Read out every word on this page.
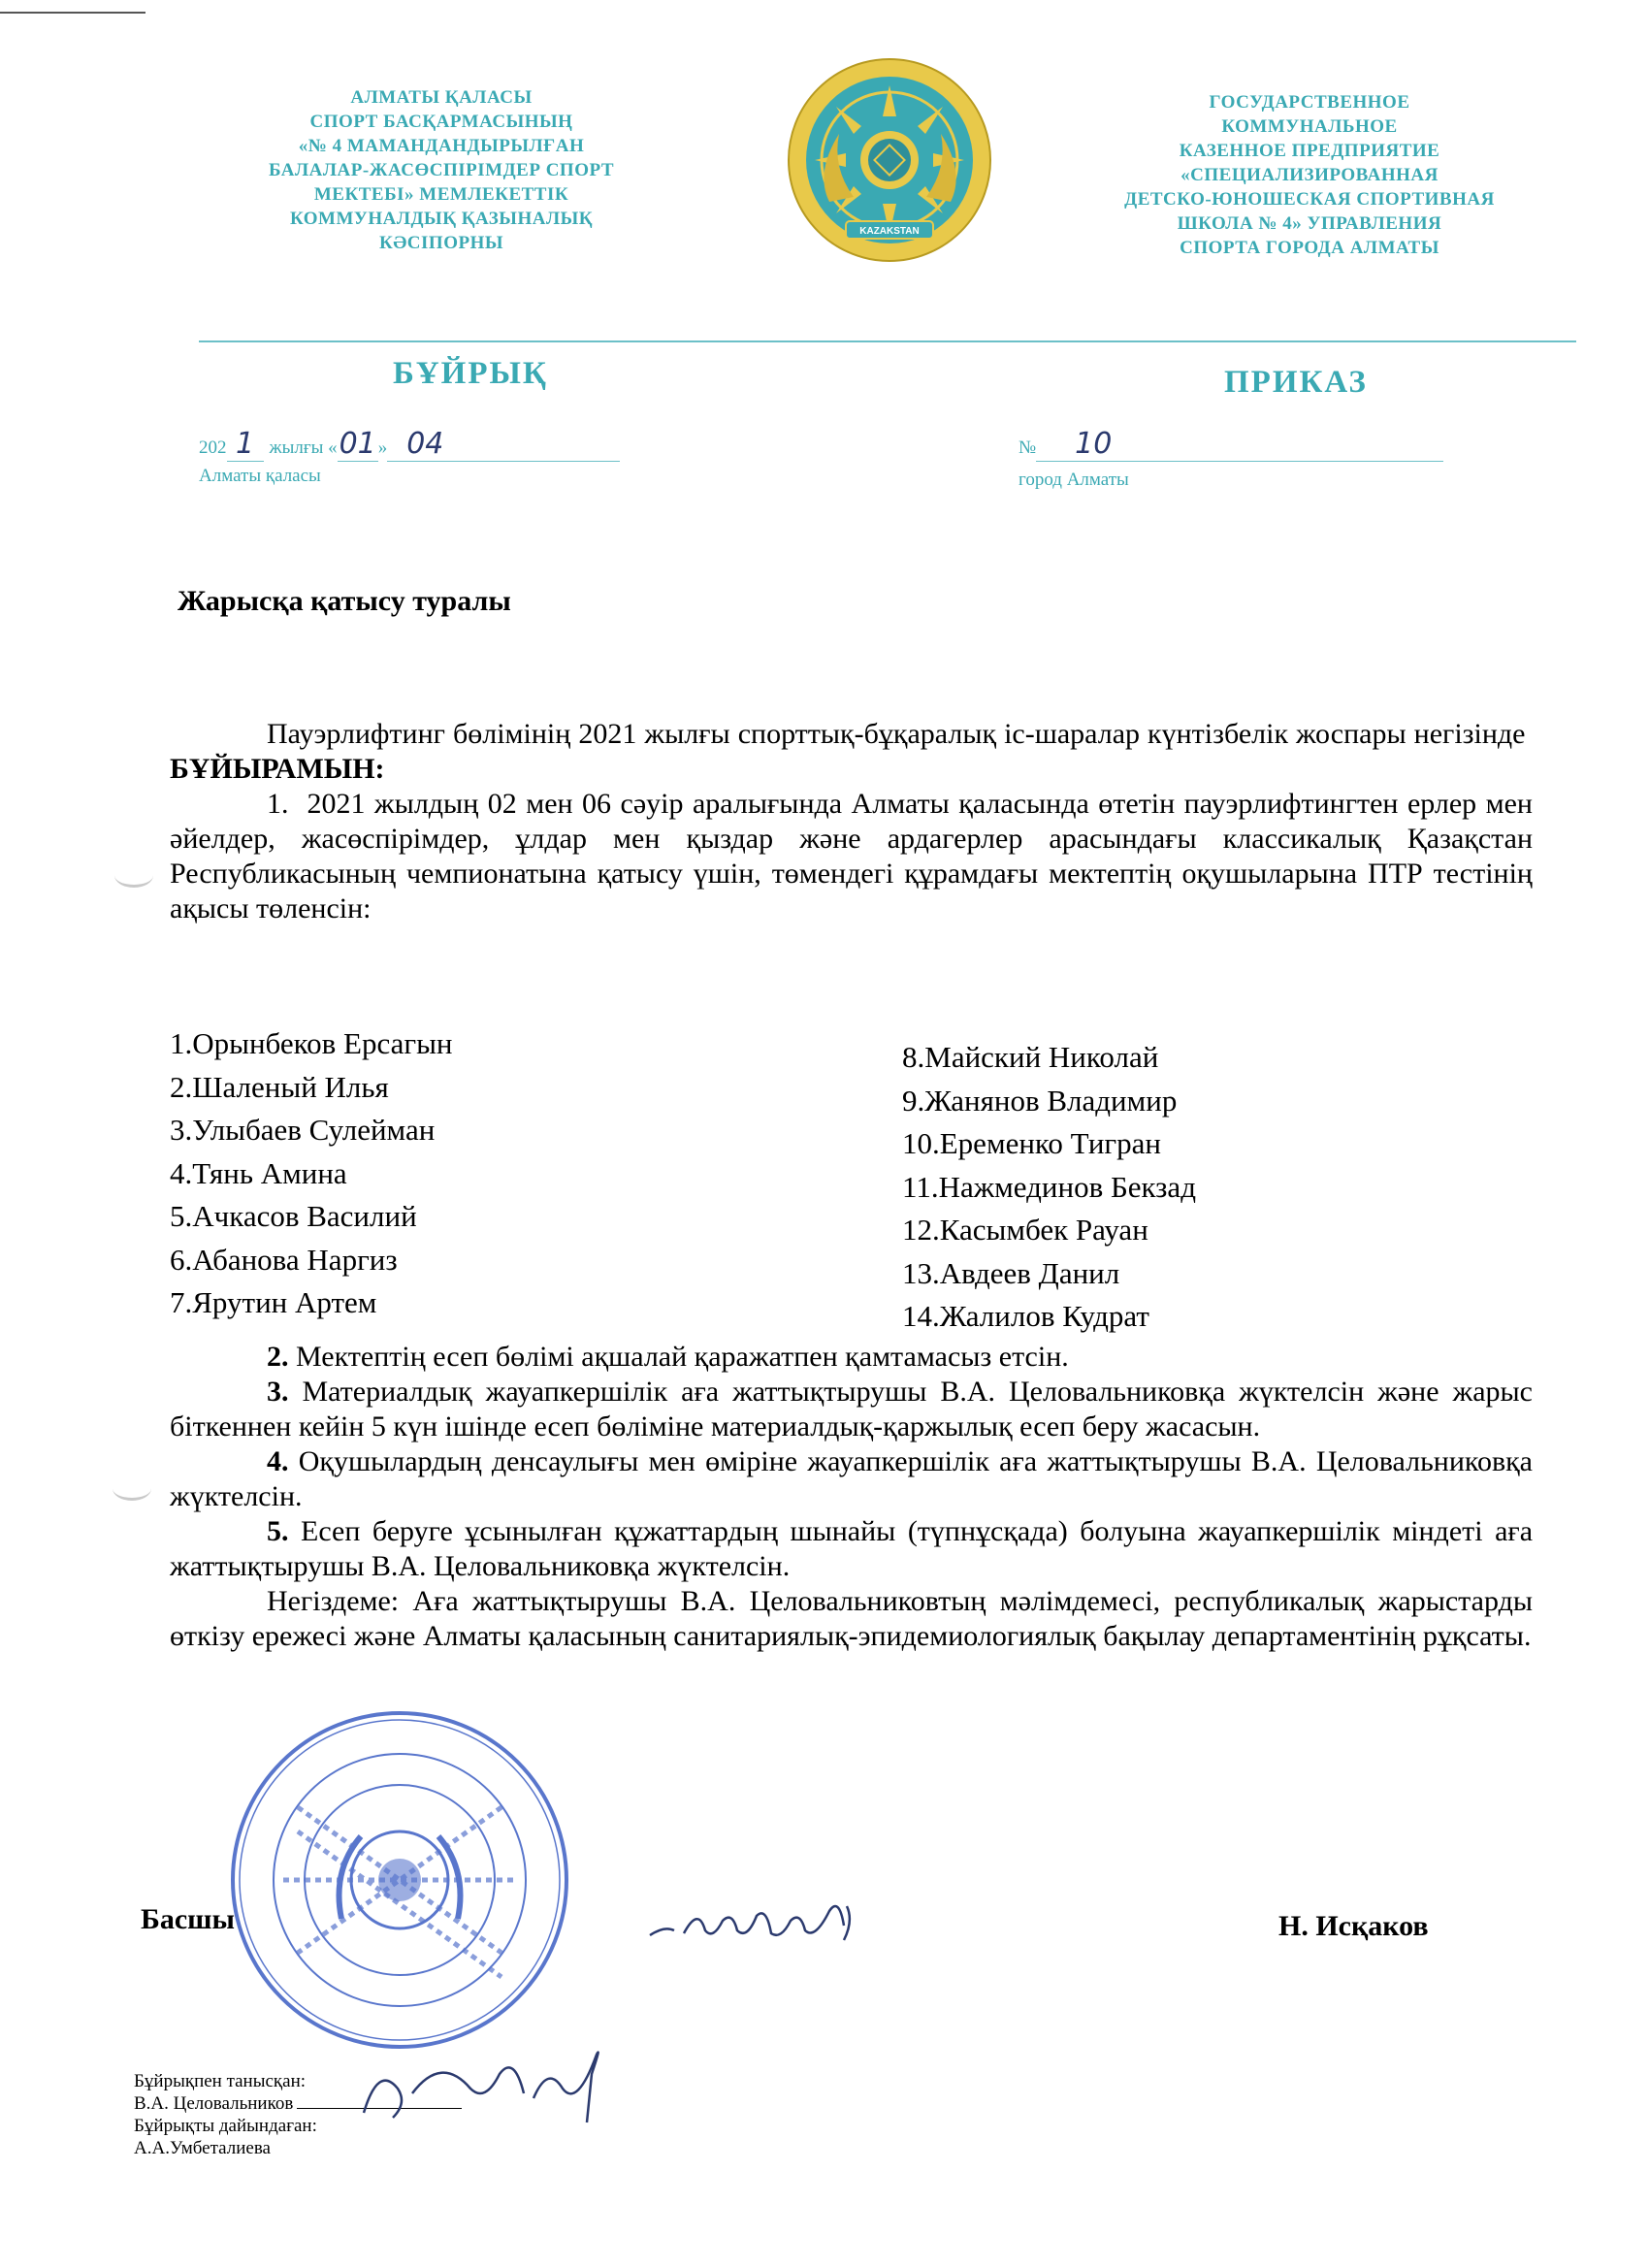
АЛМАТЫ ҚАЛАСЫ
СПОРТ БАСҚАРМАСЫНЫҢ
«№ 4 МАМАНДАНДЫРЫЛҒАН
БАЛАЛАР-ЖАСӨСПІРІМДЕР СПОРТ
МЕКТЕБІ» МЕМЛЕКЕТТІК
КОММУНАЛДЫҚ ҚАЗЫНАЛЫҚ
КӘСІПОРНЫ
KAZAKSTAN
ГОСУДАРСТВЕННОЕ
КОММУНАЛЬНОЕ
КАЗЕННОЕ ПРЕДПРИЯТИЕ
«СПЕЦИАЛИЗИРОВАННАЯ
ДЕТСКО-ЮНОШЕСКАЯ СПОРТИВНАЯ
ШКОЛА № 4» УПРАВЛЕНИЯ
СПОРТА ГОРОДА АЛМАТЫ
БҰЙРЫҚ	ПРИКАЗ
202 1 жылғы «01 » 04
Алматы қаласы
№ 10
город Алматы
Жарысқа қатысу туралы

Пауэрлифтинг бөлімінің 2021 жылғы спорттық-бұқаралық іс-шаралар күнтізбелік жоспары негізінде  БҰЙЫРАМЫН:

1. 2021 жылдың 02 мен 06 сәуір аралығында Алматы қаласында өтетін пауэрлифтингтен ерлер мен әйелдер, жасөспірімдер, ұлдар мен қыздар және ардагерлер арасындағы классикалық Қазақстан Республикасының чемпионатына қатысу үшін, төмендегі құрамдағы мектептің оқушыларына ПТР тестінің ақысы төленсін:

1.Орынбеков Ерсагын
2.Шаленый Илья
3.Улыбаев Сулейман
4.Тянь Амина
5.Ачкасов Василий
6.Абанова Наргиз
7.Ярутин Артем
8.Майский Николай
9.Жанянов Владимир
10.Еременко Тигран
11.Нажмединов Бекзад
12.Касымбек Рауан
13.Авдеев Данил
14.Жалилов Кудрат

2. Мектептің есеп бөлімі ақшалай қаражатпен қамтамасыз етсін.

3. Материалдық жауапкершілік аға жаттықтырушы В.А. Целовальниковқа жүктелсін және жарыс біткеннен кейін 5 күн ішінде есеп бөліміне материалдық-қаржылық есеп беру жасасын.

4. Оқушылардың денсаулығы мен өміріне жауапкершілік аға жаттықтырушы В.А. Целовальниковқа жүктелсін.

5. Есеп беруге ұсынылған құжаттардың шынайы (түпнұсқада) болуына жауапкершілік міндеті аға жаттықтырушы В.А. Целовальниковқа жүктелсін.

Негіздеме: Аға жаттықтырушы В.А. Целовальниковтың мәлімдемесі, республикалық жарыстарды өткізу ережесі және Алматы қаласының санитариялық-эпидемиологиялық бақылау департаментінің рұқсаты.

Басшы	Н. Исқаков
Бұйрықпен танысқан:
В.А. Целовальников
Бұйрықты дайындаған:
А.А.Умбеталиева
